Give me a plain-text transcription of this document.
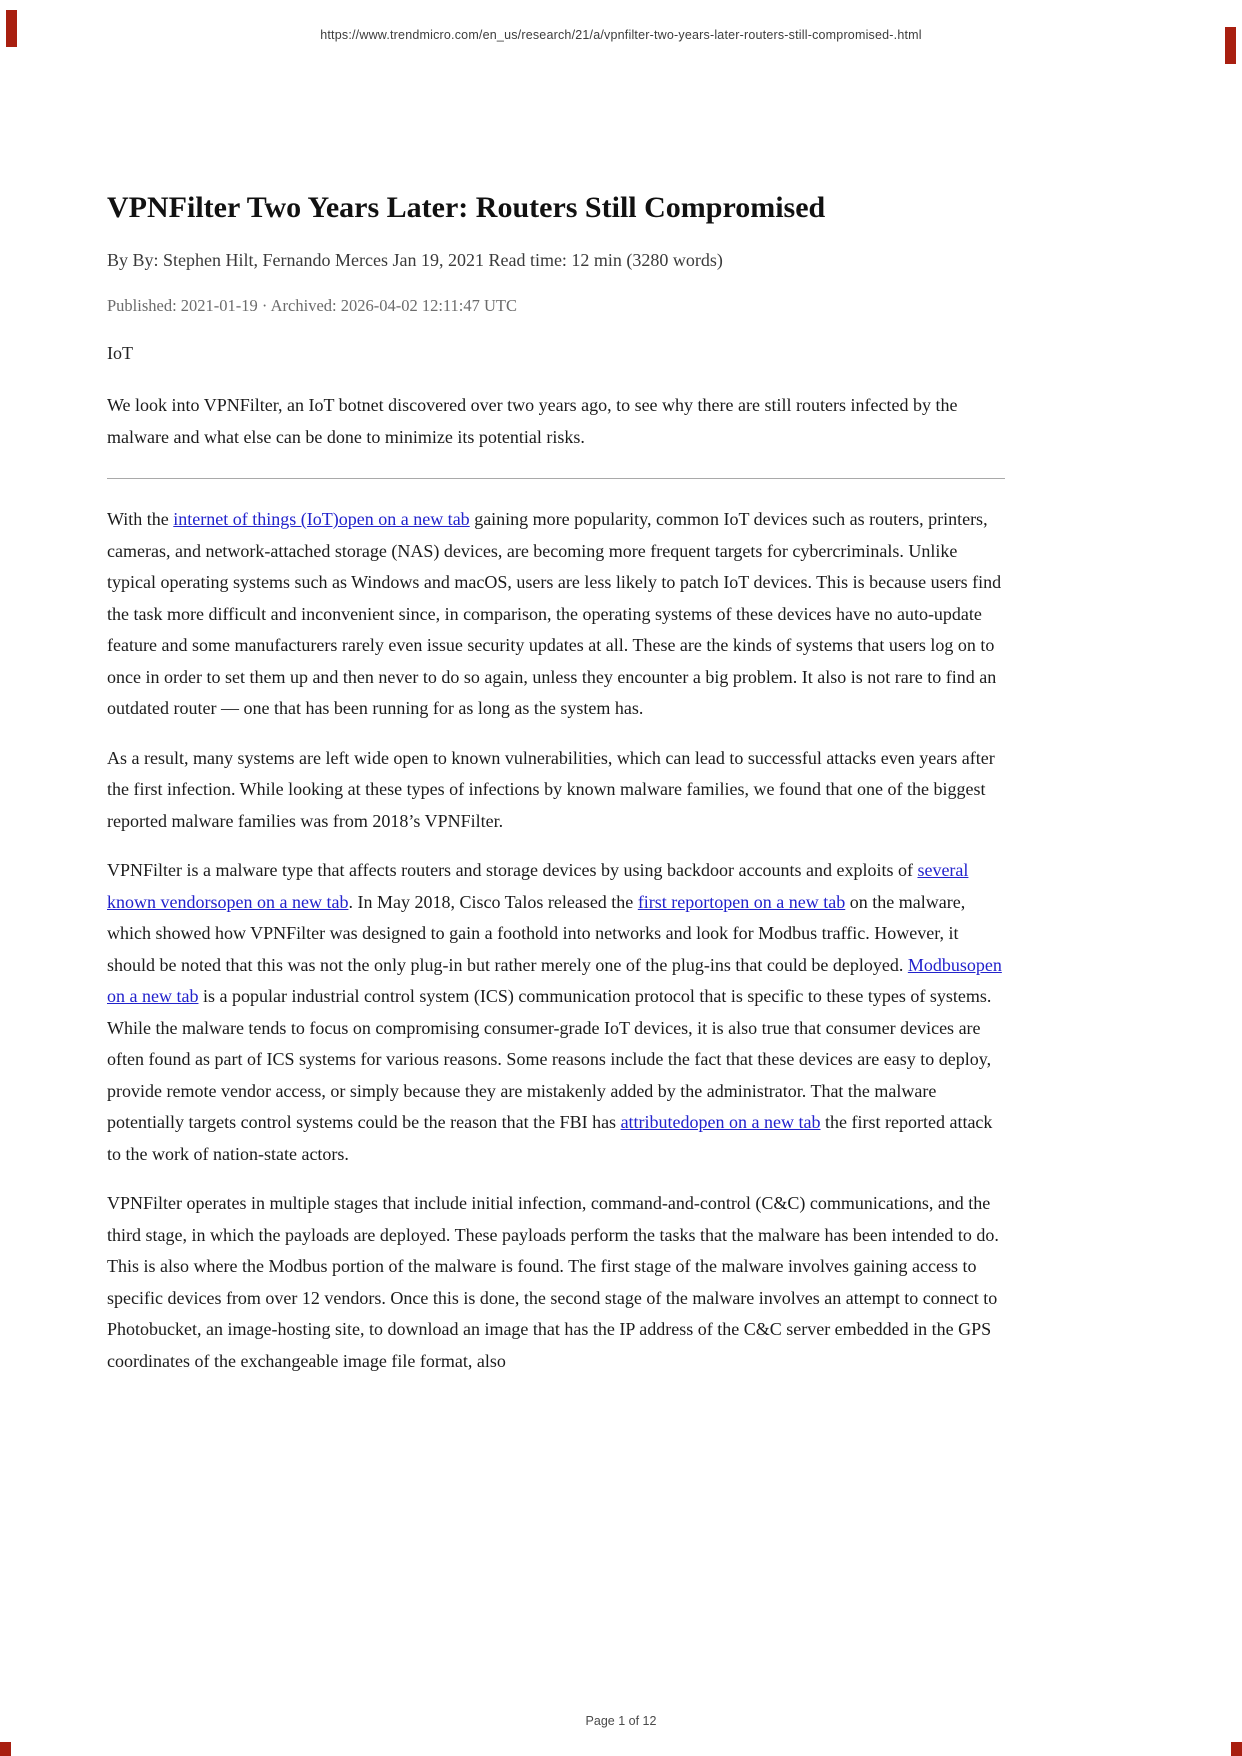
https://www.trendmicro.com/en_us/research/21/a/vpnfilter-two-years-later-routers-still-compromised-.html
VPNFilter Two Years Later: Routers Still Compromised
By By: Stephen Hilt, Fernando Merces Jan 19, 2021 Read time: 12 min (3280 words)
Published: 2021-01-19 · Archived: 2026-04-02 12:11:47 UTC
IoT
We look into VPNFilter, an IoT botnet discovered over two years ago, to see why there are still routers infected by the malware and what else can be done to minimize its potential risks.

With the internet of things (IoT)open on a new tab gaining more popularity, common IoT devices such as routers, printers, cameras, and network-attached storage (NAS) devices, are becoming more frequent targets for cybercriminals. Unlike typical operating systems such as Windows and macOS, users are less likely to patch IoT devices. This is because users find the task more difficult and inconvenient since, in comparison, the operating systems of these devices have no auto-update feature and some manufacturers rarely even issue security updates at all. These are the kinds of systems that users log on to once in order to set them up and then never to do so again, unless they encounter a big problem. It also is not rare to find an outdated router — one that has been running for as long as the system has.

As a result, many systems are left wide open to known vulnerabilities, which can lead to successful attacks even years after the first infection. While looking at these types of infections by known malware families, we found that one of the biggest reported malware families was from 2018’s VPNFilter.

VPNFilter is a malware type that affects routers and storage devices by using backdoor accounts and exploits of several known vendorsopen on a new tab. In May 2018, Cisco Talos released the first reportopen on a new tab on the malware, which showed how VPNFilter was designed to gain a foothold into networks and look for Modbus traffic. However, it should be noted that this was not the only plug-in but rather merely one of the plug-ins that could be deployed. Modbusopen on a new tab is a popular industrial control system (ICS) communication protocol that is specific to these types of systems. While the malware tends to focus on compromising consumer-grade IoT devices, it is also true that consumer devices are often found as part of ICS systems for various reasons. Some reasons include the fact that these devices are easy to deploy, provide remote vendor access, or simply because they are mistakenly added by the administrator. That the malware potentially targets control systems could be the reason that the FBI has attributedopen on a new tab the first reported attack to the work of nation-state actors.

VPNFilter operates in multiple stages that include initial infection, command-and-control (C&C) communications, and the third stage, in which the payloads are deployed. These payloads perform the tasks that the malware has been intended to do. This is also where the Modbus portion of the malware is found. The first stage of the malware involves gaining access to specific devices from over 12 vendors. Once this is done, the second stage of the malware involves an attempt to connect to Photobucket, an image-hosting site, to download an image that has the IP address of the C&C server embedded in the GPS coordinates of the exchangeable image file format, also

Page 1 of 12
